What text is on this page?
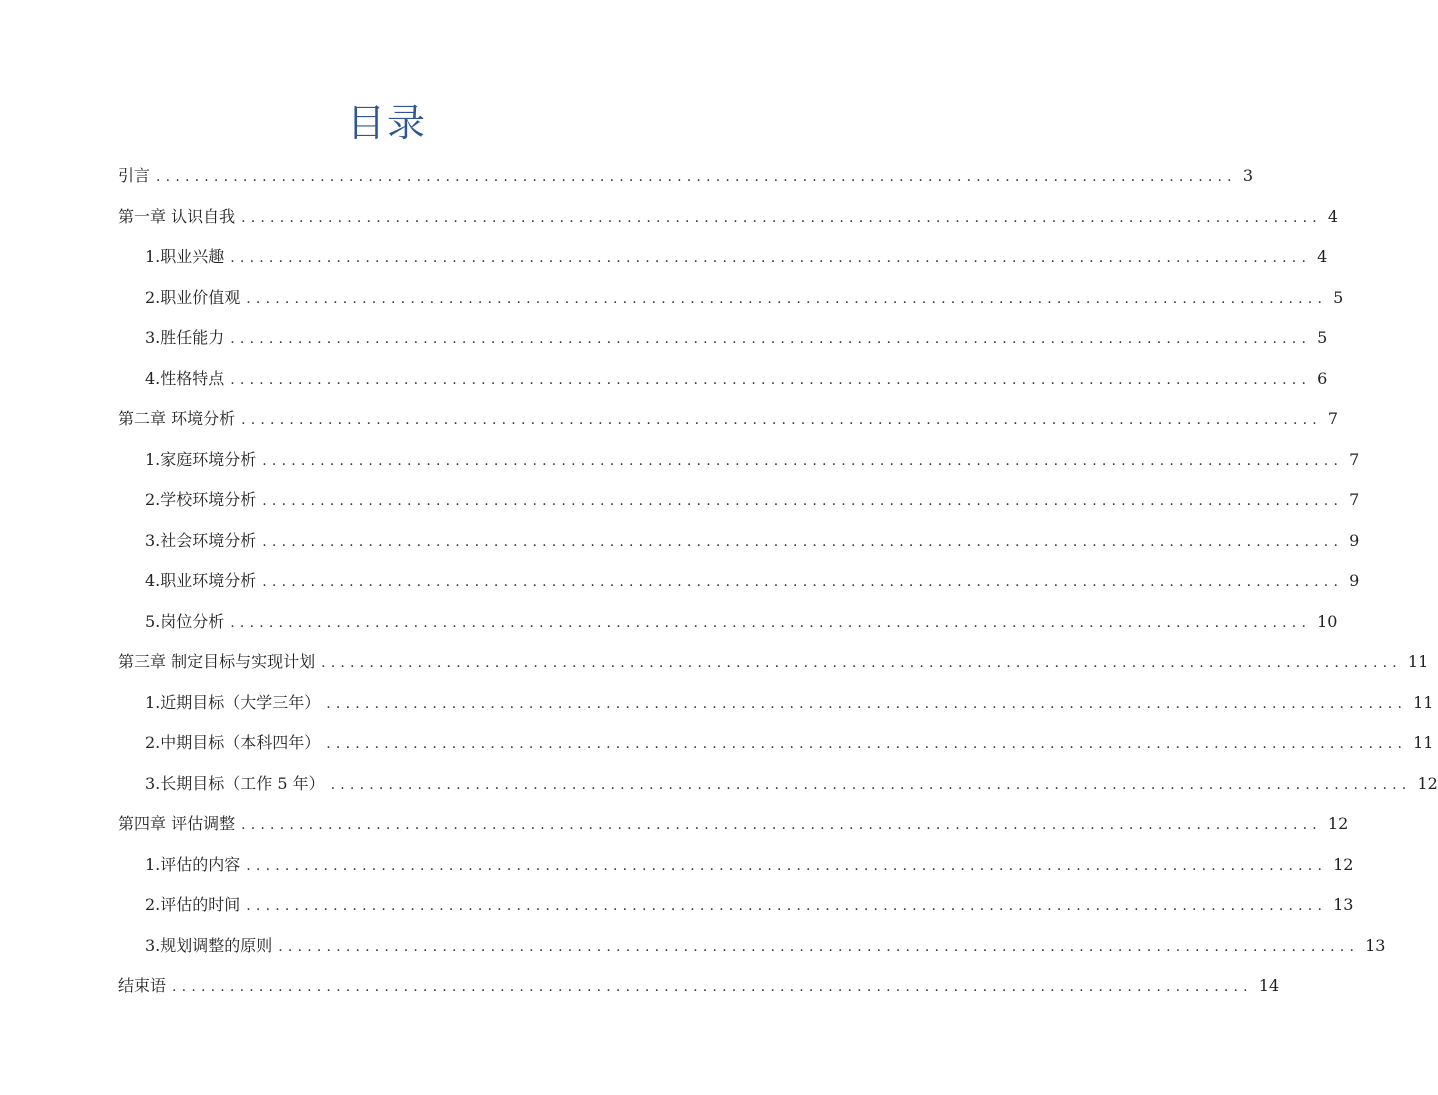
目录
引言 ................................................................................................................ 3
第一章 认识自我 ................................................................................................................ 4
1.职业兴趣 ................................................................................................................ 4
2.职业价值观 ................................................................................................................ 5
3.胜任能力 ................................................................................................................ 5
4.性格特点 ................................................................................................................ 6
第二章 环境分析 ................................................................................................................ 7
1.家庭环境分析 ................................................................................................................ 7
2.学校环境分析 ................................................................................................................ 7
3.社会环境分析 ................................................................................................................ 9
4.职业环境分析 ................................................................................................................ 9
5.岗位分析 ................................................................................................................ 10
第三章 制定目标与实现计划 ................................................................................................................ 11
1.近期目标（大学三年） ................................................................................................................ 11
2.中期目标（本科四年） ................................................................................................................ 11
3.长期目标（工作 5 年） ................................................................................................................ 12
第四章 评估调整 ................................................................................................................ 12
1.评估的内容 ................................................................................................................ 12
2.评估的时间 ................................................................................................................ 13
3.规划调整的原则 ................................................................................................................ 13
结束语 ................................................................................................................ 14
